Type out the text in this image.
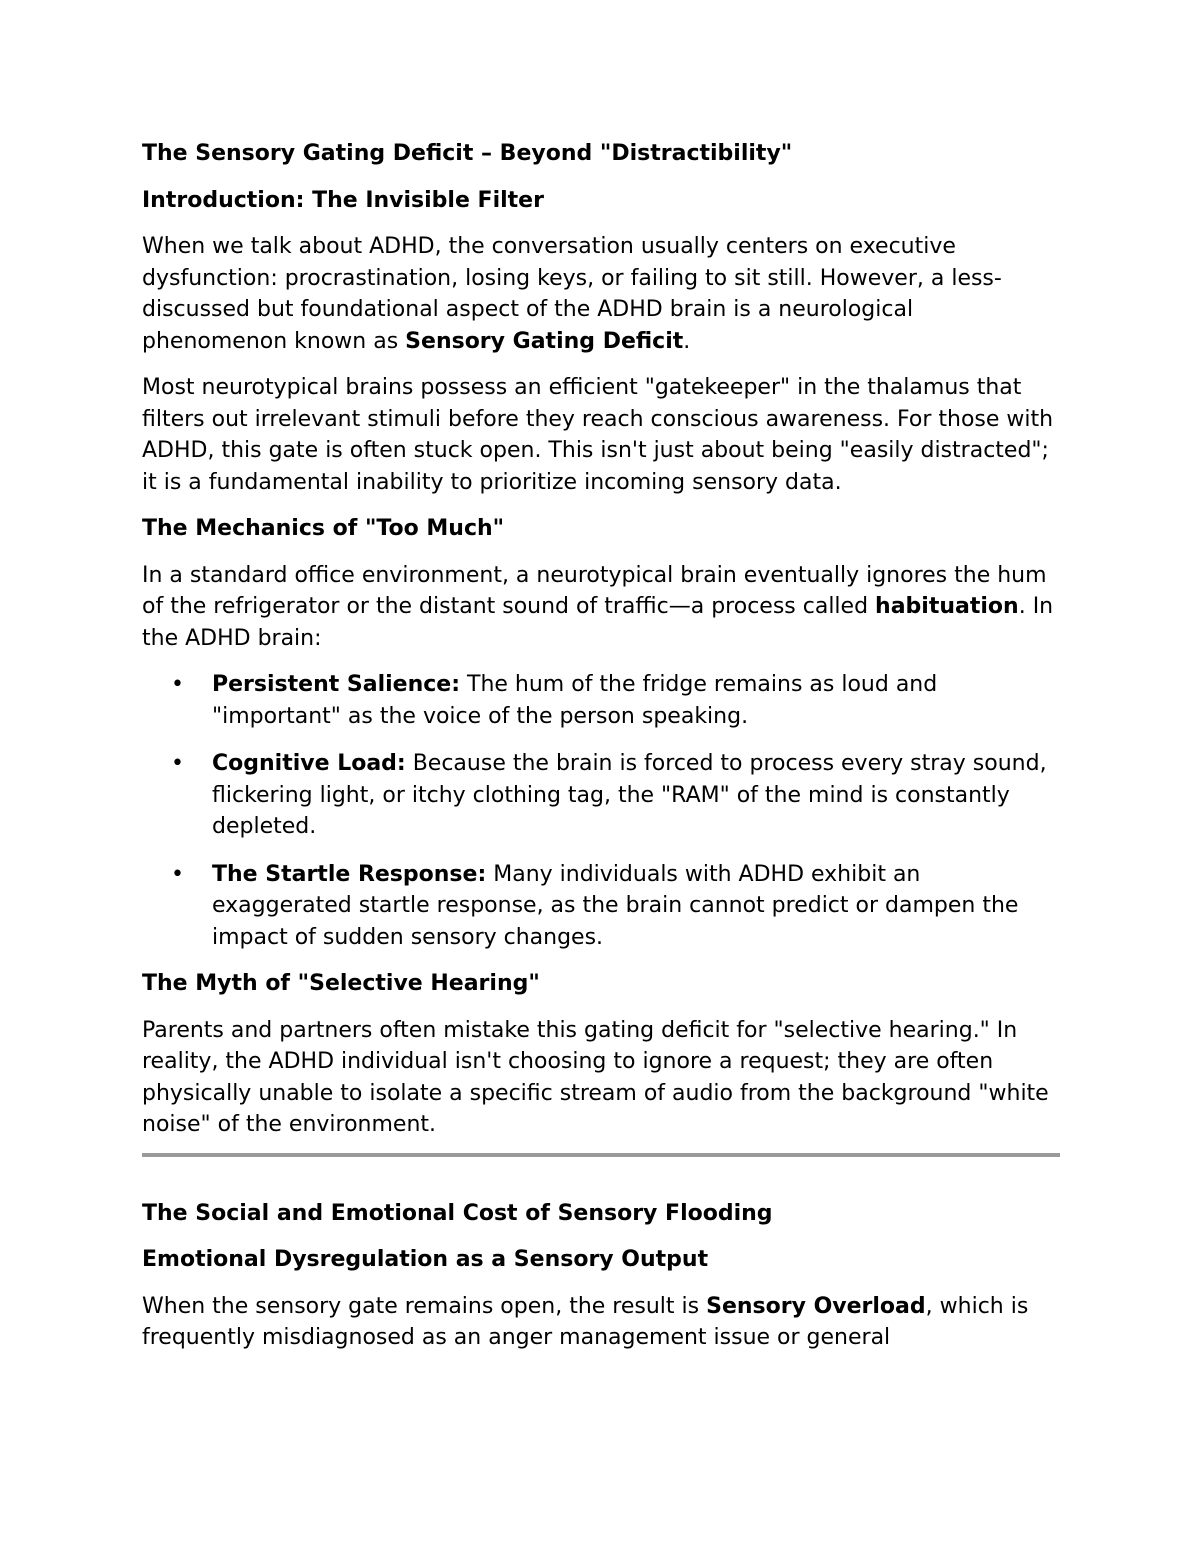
The Sensory Gating Deficit – Beyond "Distractibility"
Introduction: The Invisible Filter

When we talk about ADHD, the conversation usually centers on executive dysfunction: procrastination, losing keys, or failing to sit still. However, a less-discussed but foundational aspect of the ADHD brain is a neurological phenomenon known as Sensory Gating Deficit.

Most neurotypical brains possess an efficient "gatekeeper" in the thalamus that filters out irrelevant stimuli before they reach conscious awareness. For those with ADHD, this gate is often stuck open. This isn't just about being "easily distracted"; it is a fundamental inability to prioritize incoming sensory data.

The Mechanics of "Too Much"

In a standard office environment, a neurotypical brain eventually ignores the hum of the refrigerator or the distant sound of traffic—a process called habituation. In the ADHD brain:

• Persistent Salience: The hum of the fridge remains as loud and "important" as the voice of the person speaking.
• Cognitive Load: Because the brain is forced to process every stray sound, flickering light, or itchy clothing tag, the "RAM" of the mind is constantly depleted.
• The Startle Response: Many individuals with ADHD exhibit an exaggerated startle response, as the brain cannot predict or dampen the impact of sudden sensory changes.
The Myth of "Selective Hearing"

Parents and partners often mistake this gating deficit for "selective hearing." In reality, the ADHD individual isn't choosing to ignore a request; they are often physically unable to isolate a specific stream of audio from the background "white noise" of the environment.

The Social and Emotional Cost of Sensory Flooding
Emotional Dysregulation as a Sensory Output

When the sensory gate remains open, the result is Sensory Overload, which is frequently misdiagnosed as an anger management issue or general
